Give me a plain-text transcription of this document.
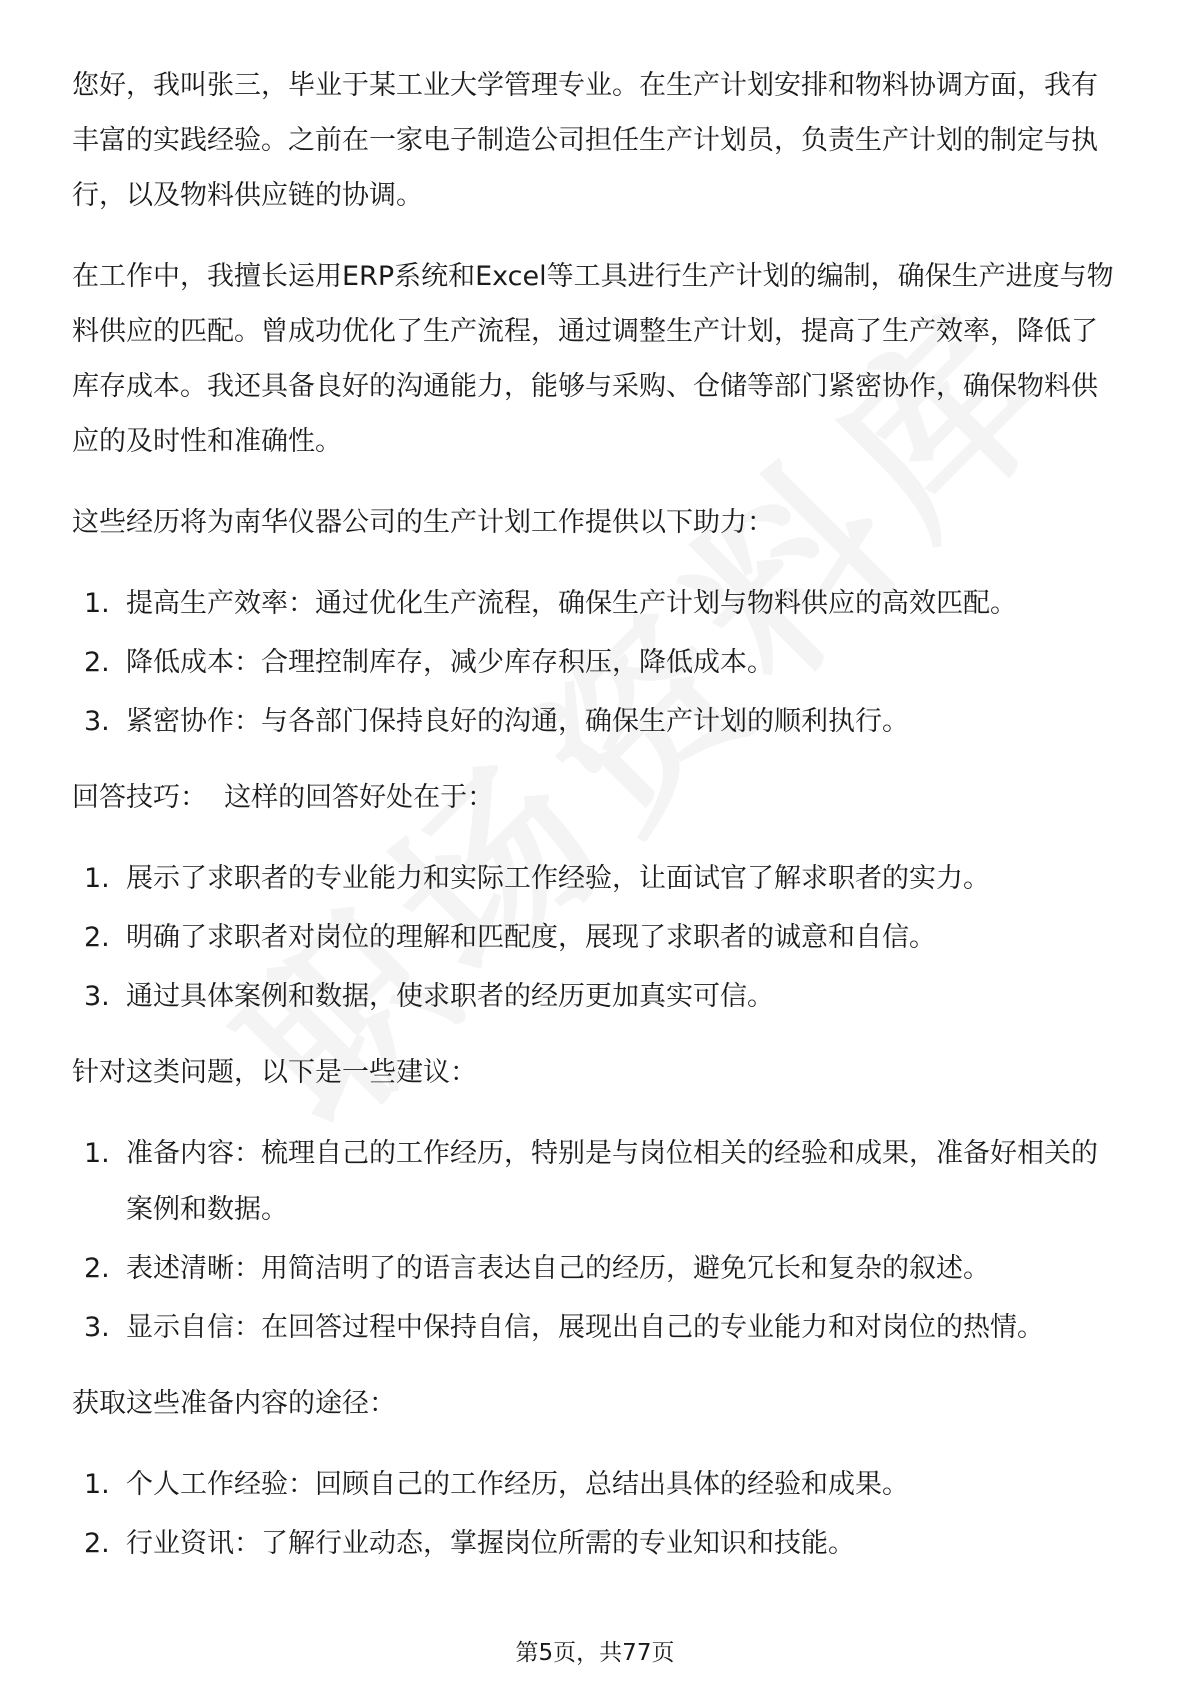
您好，我叫张三，毕业于某工业大学管理专业。在生产计划安排和物料协调方面，我有丰富的实践经验。之前在一家电子制造公司担任生产计划员，负责生产计划的制定与执行，以及物料供应链的协调。

在工作中，我擅长运用ERP系统和Excel等工具进行生产计划的编制，确保生产进度与物料供应的匹配。曾成功优化了生产流程，通过调整生产计划，提高了生产效率，降低了库存成本。我还具备良好的沟通能力，能够与采购、仓储等部门紧密协作，确保物料供应的及时性和准确性。

这些经历将为南华仪器公司的生产计划工作提供以下助力：

1. 提高生产效率：通过优化生产流程，确保生产计划与物料供应的高效匹配。
2. 降低成本：合理控制库存，减少库存积压，降低成本。
3. 紧密协作：与各部门保持良好的沟通，确保生产计划的顺利执行。

回答技巧：  这样的回答好处在于：

1. 展示了求职者的专业能力和实际工作经验，让面试官了解求职者的实力。
2. 明确了求职者对岗位的理解和匹配度，展现了求职者的诚意和自信。
3. 通过具体案例和数据，使求职者的经历更加真实可信。

针对这类问题，以下是一些建议：

1. 准备内容：梳理自己的工作经历，特别是与岗位相关的经验和成果，准备好相关的案例和数据。
2. 表述清晰：用简洁明了的语言表达自己的经历，避免冗长和复杂的叙述。
3. 显示自信：在回答过程中保持自信，展现出自己的专业能力和对岗位的热情。

获取这些准备内容的途径：

1. 个人工作经验：回顾自己的工作经历，总结出具体的经验和成果。
2. 行业资讯：了解行业动态，掌握岗位所需的专业知识和技能。
第5页，共77页
